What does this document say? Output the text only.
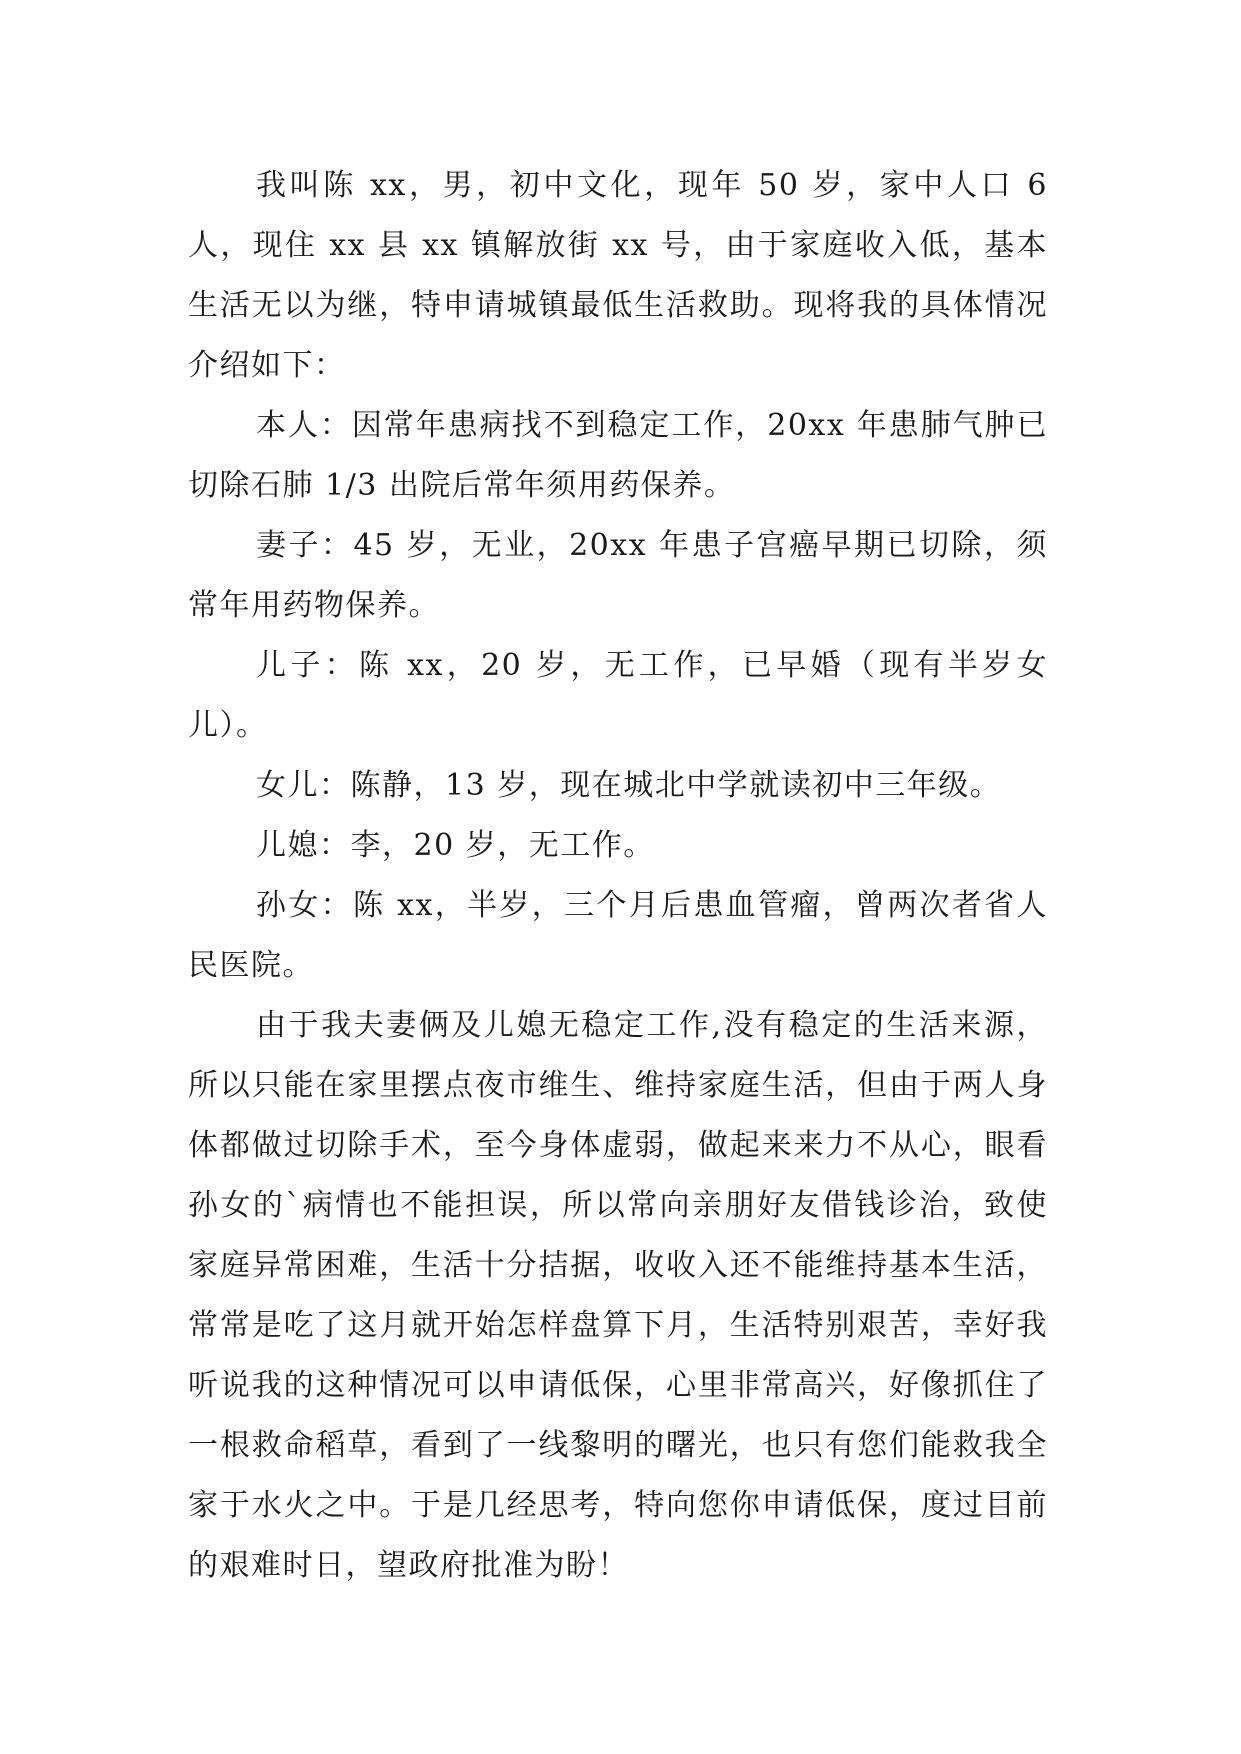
我叫陈 xx，男，初中文化，现年 50 岁，家中人口 6 人，现住 xx 县 xx 镇解放街 xx 号，由于家庭收入低，基本生活无以为继，特申请城镇最低生活救助。现将我的具体情况介绍如下：

本人：因常年患病找不到稳定工作，20xx 年患肺气肿已切除石肺 1/3 出院后常年须用药保养。

妻子：45 岁，无业，20xx 年患子宫癌早期已切除，须常年用药物保养。

儿子：陈 xx，20 岁，无工作，已早婚（现有半岁女儿）。

女儿：陈静，13 岁，现在城北中学就读初中三年级。

儿媳：李，20 岁，无工作。

孙女：陈 xx，半岁，三个月后患血管瘤，曾两次者省人民医院。

由于我夫妻俩及儿媳无稳定工作,没有稳定的生活来源，所以只能在家里摆点夜市维生、维持家庭生活，但由于两人身体都做过切除手术，至今身体虚弱，做起来来力不从心，眼看孙女的`病情也不能担误，所以常向亲朋好友借钱诊治，致使家庭异常困难，生活十分拮据，收收入还不能维持基本生活，常常是吃了这月就开始怎样盘算下月，生活特别艰苦，幸好我听说我的这种情况可以申请低保，心里非常高兴，好像抓住了一根救命稻草，看到了一线黎明的曙光，也只有您们能救我全家于水火之中。于是几经思考，特向您你申请低保，度过目前的艰难时日，望政府批准为盼！
